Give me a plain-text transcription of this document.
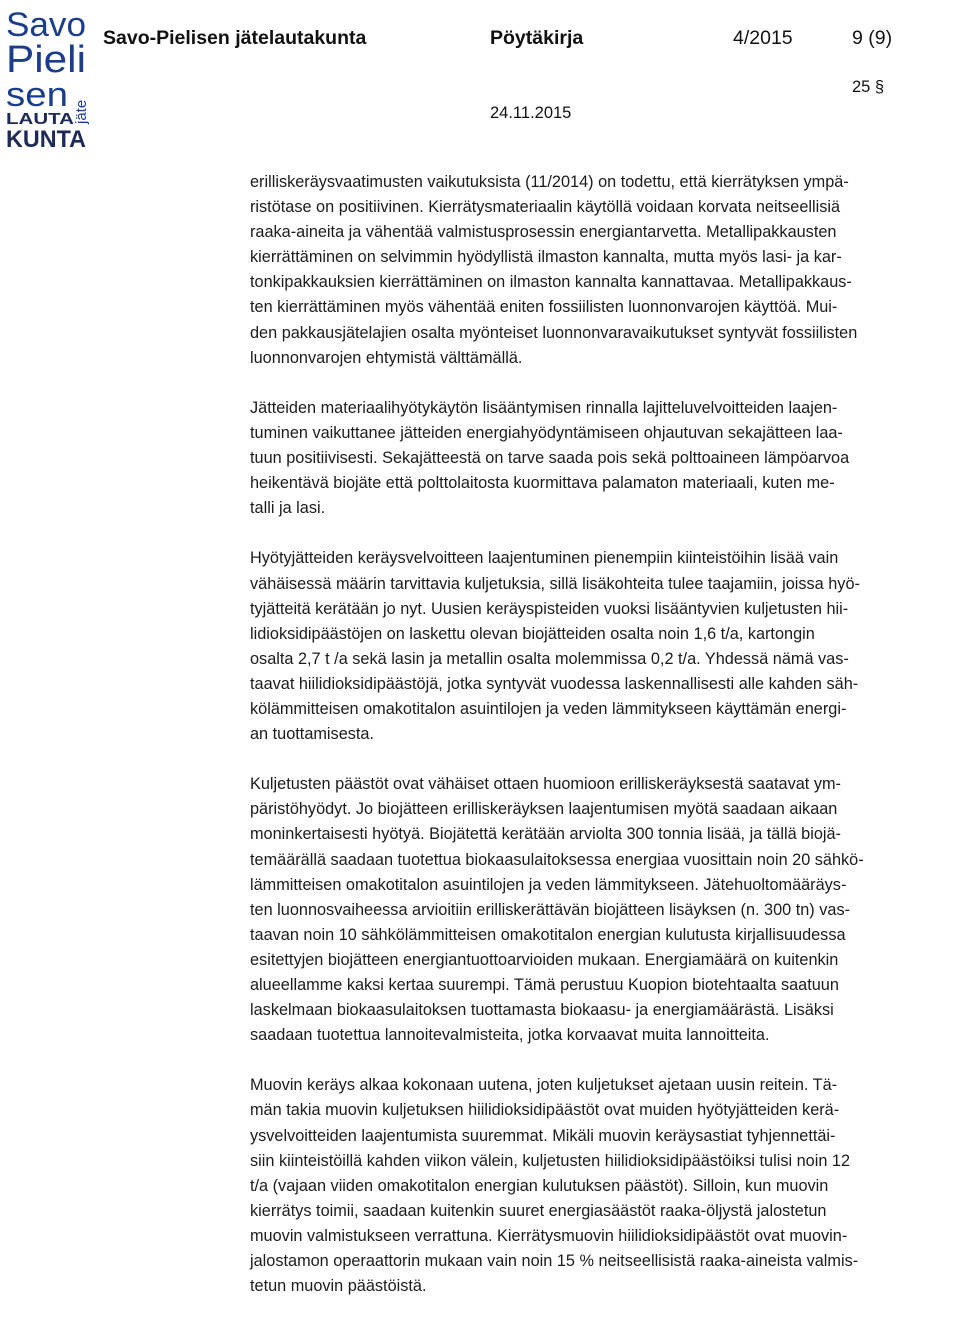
Savo
Pieli
sen
LAUTA
KUNTA
jäte
Savo-Pielisen jätelautakunta	Pöytäkirja	4/2015	9 (9)
25 §
24.11.2015

erilliskeräysvaatimusten vaikutuksista (11/2014) on todettu, että kierrätyksen ympä-
ristötase on positiivinen. Kierrätysmateriaalin käytöllä voidaan korvata neitseellisiä
raaka-aineita ja vähentää valmistusprosessin energiantarvetta. Metallipakkausten
kierrättäminen on selvimmin hyödyllistä ilmaston kannalta, mutta myös lasi- ja kar-
tonkipakkauksien kierrättäminen on ilmaston kannalta kannattavaa. Metallipakkaus-
ten kierrättäminen myös vähentää eniten fossiilisten luonnonvarojen käyttöä. Mui-
den pakkausjätelajien osalta myönteiset luonnonvaravaikutukset syntyvät fossiilisten
luonnonvarojen ehtymistä välttämällä.

Jätteiden materiaalihyötykäytön lisääntymisen rinnalla lajitteluvelvoitteiden laajen-
tuminen vaikuttanee jätteiden energiahyödyntämiseen ohjautuvan sekajätteen laa-
tuun positiivisesti. Sekajätteestä on tarve saada pois sekä polttoaineen lämpöarvoa
heikentävä biojäte että polttolaitosta kuormittava palamaton materiaali, kuten me-
talli ja lasi.

Hyötyjätteiden keräysvelvoitteen laajentuminen pienempiin kiinteistöihin lisää vain
vähäisessä määrin tarvittavia kuljetuksia, sillä lisäkohteita tulee taajamiin, joissa hyö-
tyjätteitä kerätään jo nyt. Uusien keräyspisteiden vuoksi lisääntyvien kuljetusten hii-
lidioksidipäästöjen on laskettu olevan biojätteiden osalta noin 1,6 t/a, kartongin
osalta 2,7 t /a sekä lasin ja metallin osalta molemmissa 0,2 t/a. Yhdessä nämä vas-
taavat hiilidioksidipäästöjä, jotka syntyvät vuodessa laskennallisesti alle kahden säh-
kölämmitteisen omakotitalon asuintilojen ja veden lämmitykseen käyttämän energi-
an tuottamisesta.

Kuljetusten päästöt ovat vähäiset ottaen huomioon erilliskeräyksestä saatavat ym-
päristöhyödyt. Jo biojätteen erilliskeräyksen laajentumisen myötä saadaan aikaan
moninkertaisesti hyötyä. Biojätettä kerätään arviolta 300 tonnia lisää, ja tällä biojä-
temäärällä saadaan tuotettua biokaasulaitoksessa energiaa vuosittain noin 20 sähkö-
lämmitteisen omakotitalon asuintilojen ja veden lämmitykseen. Jätehuoltomääräys-
ten luonnosvaiheessa arvioitiin erilliskerättävän biojätteen lisäyksen (n. 300 tn) vas-
taavan noin 10 sähkölämmitteisen omakotitalon energian kulutusta kirjallisuudessa
esitettyjen biojätteen energiantuottoarvioiden mukaan. Energiamäärä on kuitenkin
alueellamme kaksi kertaa suurempi. Tämä perustuu Kuopion biotehtaalta saatuun
laskelmaan biokaasulaitoksen tuottamasta biokaasu- ja energiamäärästä. Lisäksi
saadaan tuotettua lannoitevalmisteita, jotka korvaavat muita lannoitteita.

Muovin keräys alkaa kokonaan uutena, joten kuljetukset ajetaan uusin reitein. Tä-
män takia muovin kuljetuksen hiilidioksidipäästöt ovat muiden hyötyjätteiden kerä-
ysvelvoitteiden laajentumista suuremmat. Mikäli muovin keräysastiat tyhjennettäi-
siin kiinteistöillä kahden viikon välein, kuljetusten hiilidioksidipäästöiksi tulisi noin 12
t/a (vajaan viiden omakotitalon energian kulutuksen päästöt). Silloin, kun muovin
kierrätys toimii, saadaan kuitenkin suuret energiasäästöt raaka-öljystä jalostetun
muovin valmistukseen verrattuna. Kierrätysmuovin hiilidioksidipäästöt ovat muovin-
jalostamon operaattorin mukaan vain noin 15 % neitseellisistä raaka-aineista valmis-
tetun muovin päästöistä.
